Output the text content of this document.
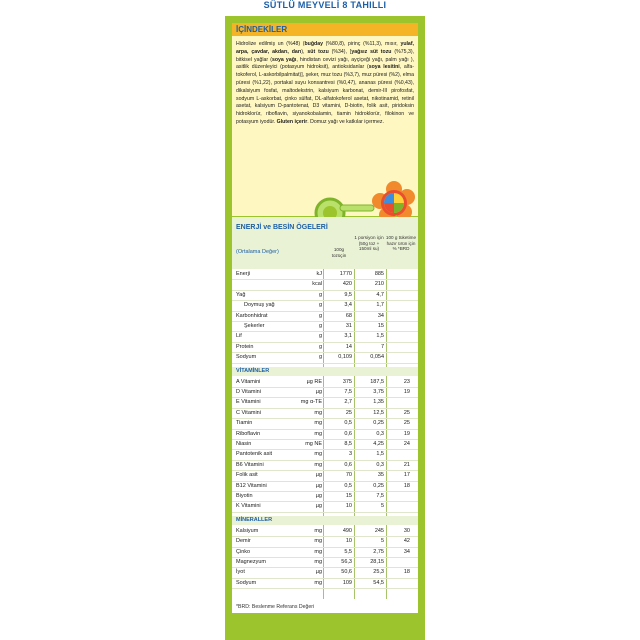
SÜTLÜ MEYVELİ 8 TAHILLI
İÇİNDEKİLER
Hidrolize edilmiş un (%48) (buğday (%80,8), pirinç (%11,3), mısır, yulaf, arpa, çavdar, akdarı, darı), süt tozu (%34), [yağsız süt tozu (%75,3), bitkisel yağlar (soya yağı, hindistan cevizi yağı, ayçiçeği yağı, palm yağı ), asitlik düzenleyici (potasyum hidroksit), antioksidanlar (soya lesitini, alfa-tokoferol, L-askorbilpalmitat)], şeker, muz tozu (%3,7), muz püresi (%2), elma püresi (%1,22), portakal suyu konsantresi (%0,47), ananas püresi (%0,43), dikalsiyum fosfat, maltodekstrin, kalsiyum karbonat, demir-III pirofosfat, sodyum L-askorbat, çinko sülfat, DL-alfatokoferol asetat, nikotinamid, retinil asetat, kalsiyum D-pantotenat, D3 vitamini, D-biotin, folik asit, piridoksin hidroklorür, riboflavin, siyanokobalamin, tiamin hidroklorür, filokinon ve potasyum iyodür. Gluten içerir. Domuz yağı ve katkılar içermez.
ENERJİ ve BESİN ÖGELERİ
(Ortalama Değer)	100g tozüçin
1 porsiyon için (50g toz + 150ml su)
100 g tüketime hazır ürün için % *BRD
Enerji	kJ	1770	885
kcal	420	210
Yağ	g	9,5	4,7
Doymuş yağ	g	3,4	1,7
Karbonhidrat	g	68	34
Şekerler	g	31	15
Lif	g	3,1	1,5
Protein	g	14	7
Sodyum	g	0,109	0,054
VİTAMİNLER
A Vitamini	µg RE	375	187,5	23
D Vitamini	µg	7,5	3,75	19
E Vitamini	mg α-TE	2,7	1,35
C Vitamini	mg	25	12,5	25
Tiamin	mg	0,5	0,25	25
Riboflavin	mg	0,6	0,3	19
Niasin	mg NE	8,5	4,25	24
Pantotenik asit	mg	3	1,5
B6 Vitamini	mg	0,6	0,3	21
Folik asit	µg	70	35	17
B12 Vitamini	µg	0,5	0,25	18
Biyotin	µg	15	7,5
K Vitamini	µg	10	5
MİNERALLER
Kalsiyum	mg	490	245	30
Demir	mg	10	5	42
Çinko	mg	5,5	2,75	34
Magnezyum	mg	56,3	28,15
İyot	µg	50,6	25,3	18
Sodyum	mg	109	54,5
*BRD: Beslenme Referans Değeri
